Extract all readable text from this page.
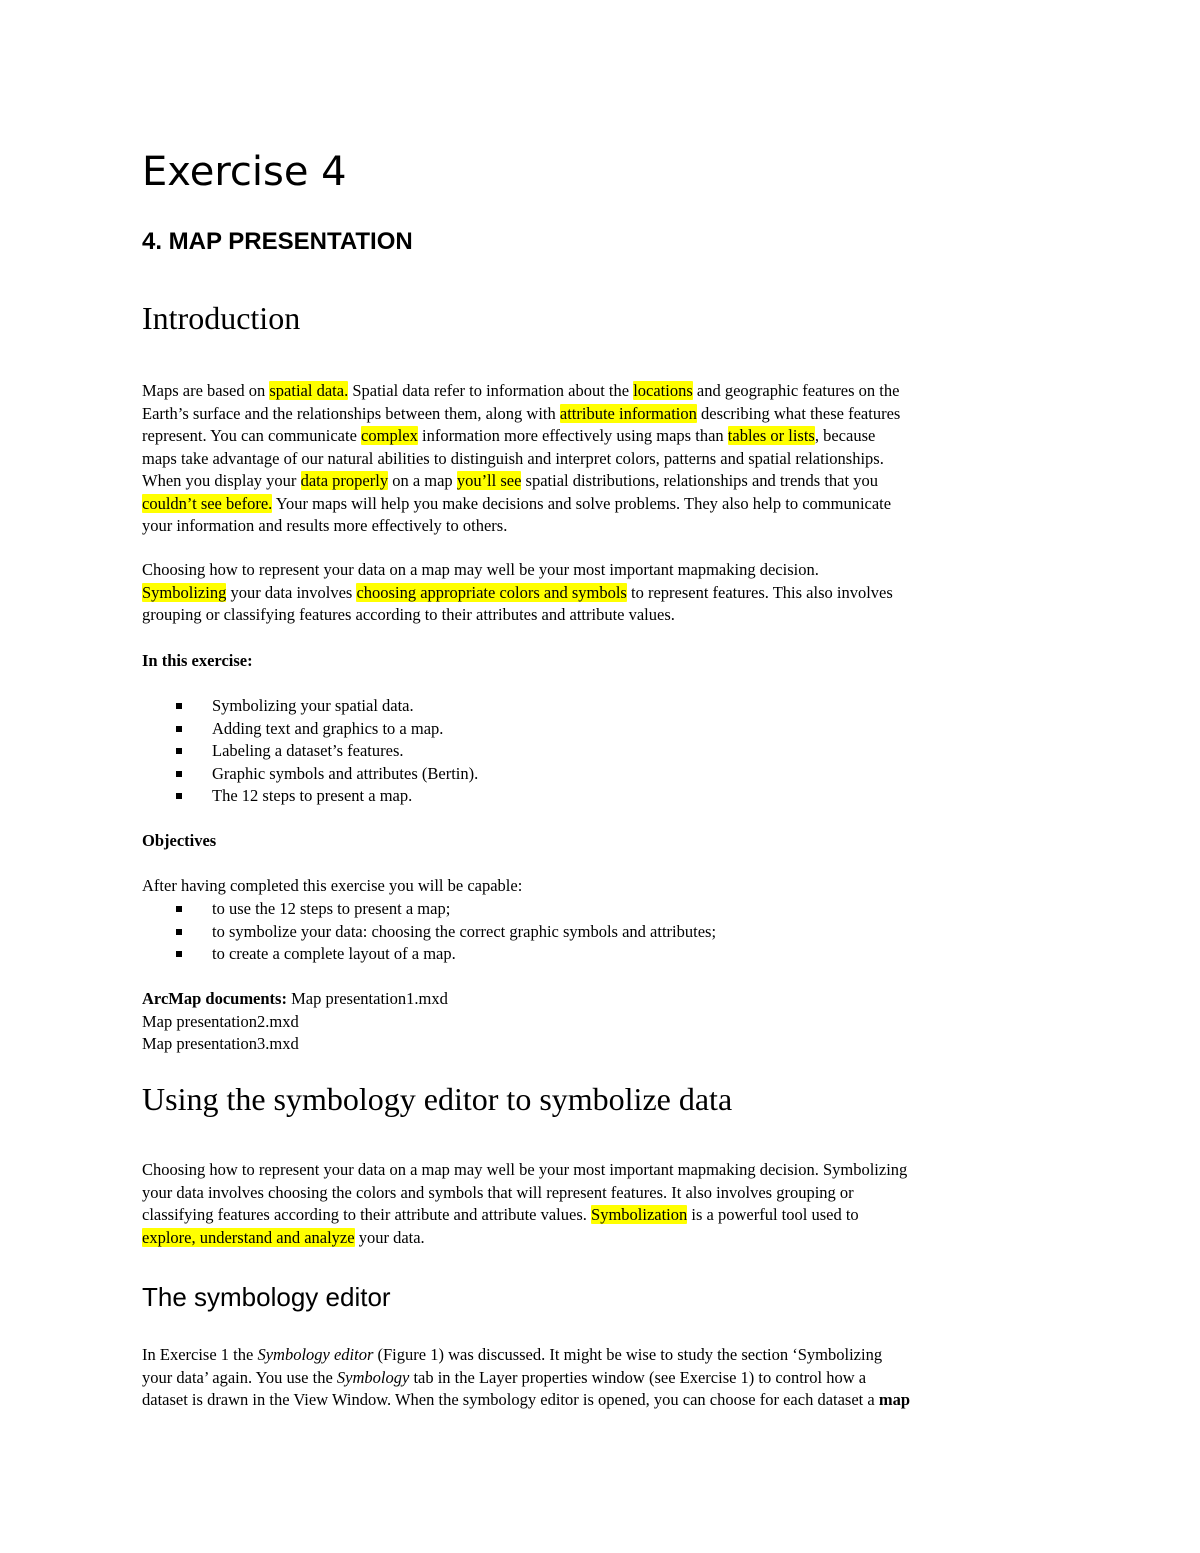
Exercise 4
4. MAP PRESENTATION
Introduction

Maps are based on spatial data. Spatial data refer to information about the locations and geographic features on the
Earth’s surface and the relationships between them, along with attribute information describing what these features
represent. You can communicate complex information more effectively using maps than tables or lists, because
maps take advantage of our natural abilities to distinguish and interpret colors, patterns and spatial relationships.
When you display your data properly on a map you’ll see spatial distributions, relationships and trends that you
couldn’t see before. Your maps will help you make decisions and solve problems. They also help to communicate
your information and results more effectively to others.

Choosing how to represent your data on a map may well be your most important mapmaking decision.
Symbolizing your data involves choosing appropriate colors and symbols to represent features. This also involves
grouping or classifying features according to their attributes and attribute values.

In this exercise:

Symbolizing your spatial data.
Adding text and graphics to a map.
Labeling a dataset’s features.
Graphic symbols and attributes (Bertin).
The 12 steps to present a map.

Objectives

After having completed this exercise you will be capable:

to use the 12 steps to present a map;
to symbolize your data: choosing the correct graphic symbols and attributes;
to create a complete layout of a map.

ArcMap documents: Map presentation1.mxd
Map presentation2.mxd
Map presentation3.mxd

Using the symbology editor to symbolize data

Choosing how to represent your data on a map may well be your most important mapmaking decision. Symbolizing
your data involves choosing the colors and symbols that will represent features. It also involves grouping or
classifying features according to their attribute and attribute values. Symbolization is a powerful tool used to
explore, understand and analyze your data.

The symbology editor

In Exercise 1 the Symbology editor (Figure 1) was discussed. It might be wise to study the section ‘Symbolizing
your data’ again. You use the Symbology tab in the Layer properties window (see Exercise 1) to control how a
dataset is drawn in the View Window. When the symbology editor is opened, you can choose for each dataset a map
